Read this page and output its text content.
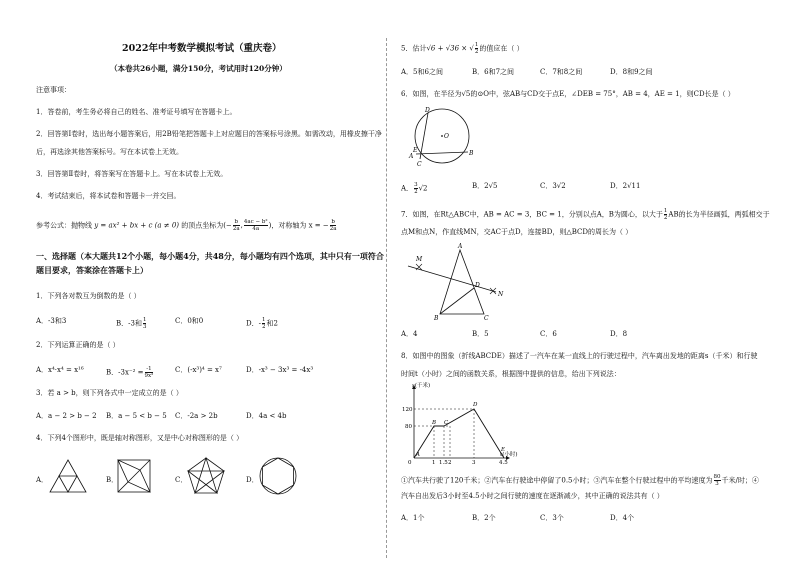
2022年中考数学模拟考试（重庆卷）
（本卷共26小题，满分150分，考试用时120分钟）
注意事项：
1．答卷前，考生务必将自己的姓名、准考证号填写在答题卡上。
2．回答第Ⅰ卷时，选出每小题答案后，用2B铅笔把答题卡上对应题目的答案标号涂黑。如需改动，用橡皮擦干净
后，再选涂其他答案标号。写在本试卷上无效。
3．回答第Ⅱ卷时，将答案写在答题卡上。写在本试卷上无效。
4．考试结束后，将本试卷和答题卡一并交回。
参考公式：抛物线 y = ax² + bx + c (a ≠ 0) 的顶点坐标为(− $\frac{b}{2a}$ , $\frac{\text{4ac − b²}}{4a}$ )，对称轴为 x = − $\frac{b}{2a}$
一、选择题（本大题共12个小题，每小题4分，共48分，每小题均有四个选项，其中只有一项符合
题目要求，答案涂在答题卡上）
1．下列各对数互为倒数的是（ ）
A．-3和3	B．-3和 $\frac{1}{3}$	C．0和0	D．- $\frac{1}{2}$ 和2
2．下列运算正确的是（ ）
A．x⁴·x⁴ = x¹⁶	B．$-3x^{-2} = \frac{-1}{\text{9x²}}$	C．(-x³)⁴ = x⁷	D．-x³ − 3x³ = -4x³
3．若 a > b，则下列各式中一定成立的是（ ）
A．a − 2 > b − 2 B．a − 5 < b − 5 C．-2a > 2b	D．4a < 4b
4．下列4个图形中，既是轴对称图形，又是中心对称图形的是（ ）
A．	B．	C．	D．
5．估计√6 + √36 × √ $\frac{1}{2}$ 的值应在（ ）
A．5和6之间	B．6和7之间	C．7和8之间	D．8和9之间
6．如图，在半径为√5的⊙O中，弦AB与CD交于点E，∠DEB = 75°，AB = 4，AE = 1，则CD长是（ ）
D
O
E
A
C
B
A． $\frac{3}{2} √2$	B．2√5	C．3√2	D．2√11
7．如图，在Rt△ABC中，AB = AC = 3，BC = 1，分别以点A，B为圆心，以大于 $\frac{1}{2}$ AB的长为半径画弧，两弧相交于
点M和点N，作直线MN，交AC于点D，连接BD，则△BCD的周长为（ ）
A
M
D
N
B	C
A．4	B．5	C．6	D．8
8．如图中的图象（折线ABCDE）描述了一汽车在某一直线上的行驶过程中，汽车离出发地的距离s（千米）和行驶
时间t（小时）之间的函数关系，根据图中提供的信息，给出下列说法：
s(千米)
t(小时)
120
80
0	1 1.5 2	3	4.5
A
B C
D
E
①汽车共行驶了120千米；②汽车在行驶途中停留了0.5小时；③汽车在整个行驶过程中的平均速度为 $\frac{80}{3}$ 千米/时；④
汽车自出发后3小时至4.5小时之间行驶的速度在逐渐减少，其中正确的说法共有（ ）
A．1个	B．2个	C．3个	D．4个
